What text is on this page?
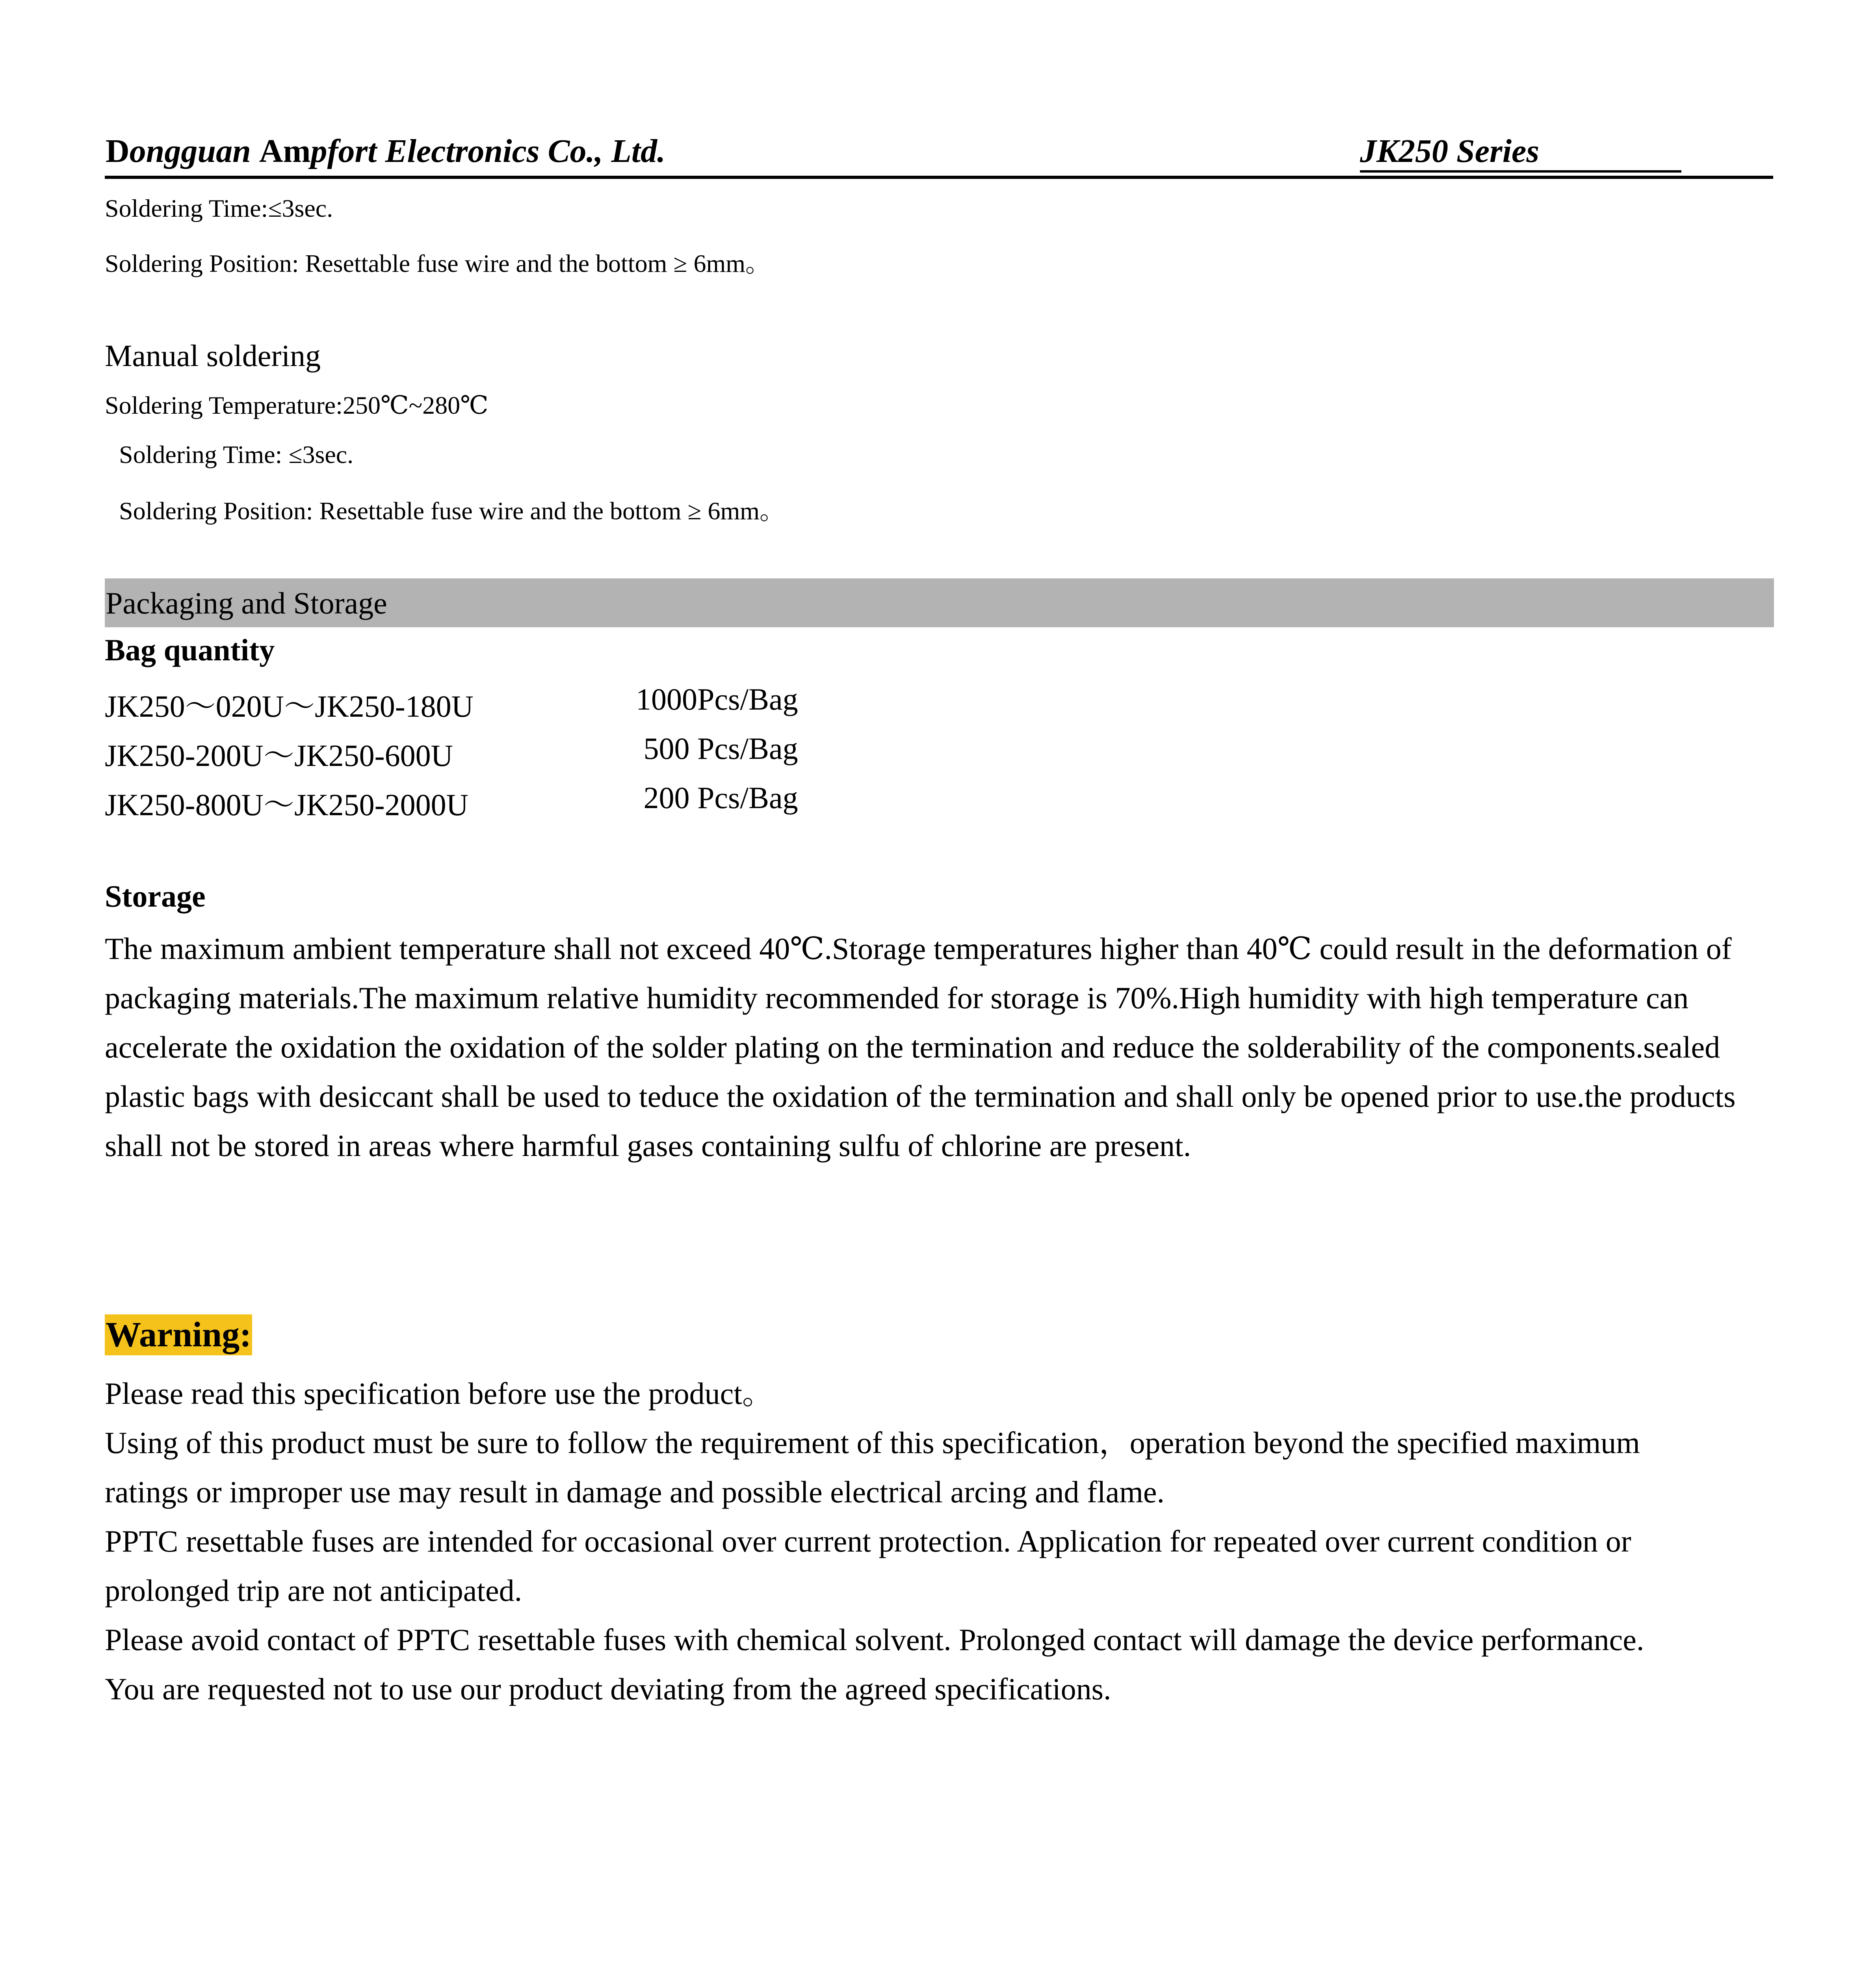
Dongguan Ampfort Electronics Co., Ltd.	JK250 Series
Soldering Time:≤3sec.
Soldering Position: Resettable fuse wire and the bottom ≥ 6mm。
Manual soldering
Soldering Temperature:250℃~280℃
Soldering Time: ≤3sec.
Soldering Position: Resettable fuse wire and the bottom ≥ 6mm。
Packaging and Storage
Bag quantity
JK250～020U～JK250-180U	1000Pcs/Bag
JK250-200U～JK250-600U	500 Pcs/Bag
JK250-800U～JK250-2000U	200 Pcs/Bag
Storage
The maximum ambient temperature shall not exceed 40℃.Storage temperatures higher than 40℃ could result in the deformation of packaging materials.The maximum relative humidity recommended for storage is 70%.High humidity with high temperature can accelerate the oxidation the oxidation of the solder plating on the termination and reduce the solderability of the components.sealed plastic bags with desiccant shall be used to teduce the oxidation of the termination and shall only be opened prior to use.the products shall not be stored in areas where harmful gases containing sulfu of chlorine are present.
Warning:
Please read this specification before use the product。
Using of this product must be sure to follow the requirement of this specification，operation beyond the specified maximum
ratings or improper use may result in damage and possible electrical arcing and flame.
PPTC resettable fuses are intended for occasional over current protection. Application for repeated over current condition or
prolonged trip are not anticipated.
Please avoid contact of PPTC resettable fuses with chemical solvent. Prolonged contact will damage the device performance.
You are requested not to use our product deviating from the agreed specifications.
